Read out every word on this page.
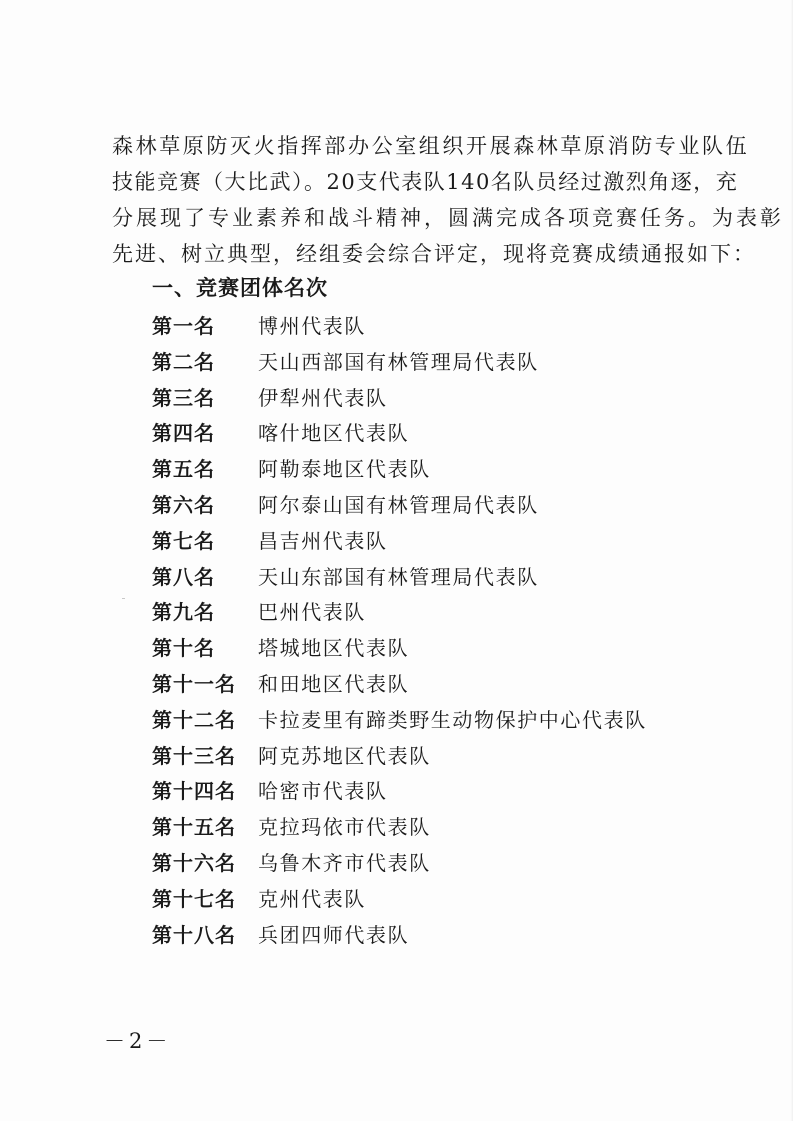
森林草原防灭火指挥部办公室组织开展森林草原消防专业队伍
技能竞赛（大比武）。20支代表队140名队员经过激烈角逐，充
分展现了专业素养和战斗精神，圆满完成各项竞赛任务。为表彰
先进、树立典型，经组委会综合评定，现将竞赛成绩通报如下：
一、竞赛团体名次
第一名 博州代表队
第二名 天山西部国有林管理局代表队
第三名 伊犁州代表队
第四名 喀什地区代表队
第五名 阿勒泰地区代表队
第六名 阿尔泰山国有林管理局代表队
第七名 昌吉州代表队
第八名 天山东部国有林管理局代表队
第九名 巴州代表队
第十名 塔城地区代表队
第十一名 和田地区代表队
第十二名 卡拉麦里有蹄类野生动物保护中心代表队
第十三名 阿克苏地区代表队
第十四名 哈密市代表队
第十五名 克拉玛依市代表队
第十六名 乌鲁木齐市代表队
第十七名 克州代表队
第十八名 兵团四师代表队
－2－
